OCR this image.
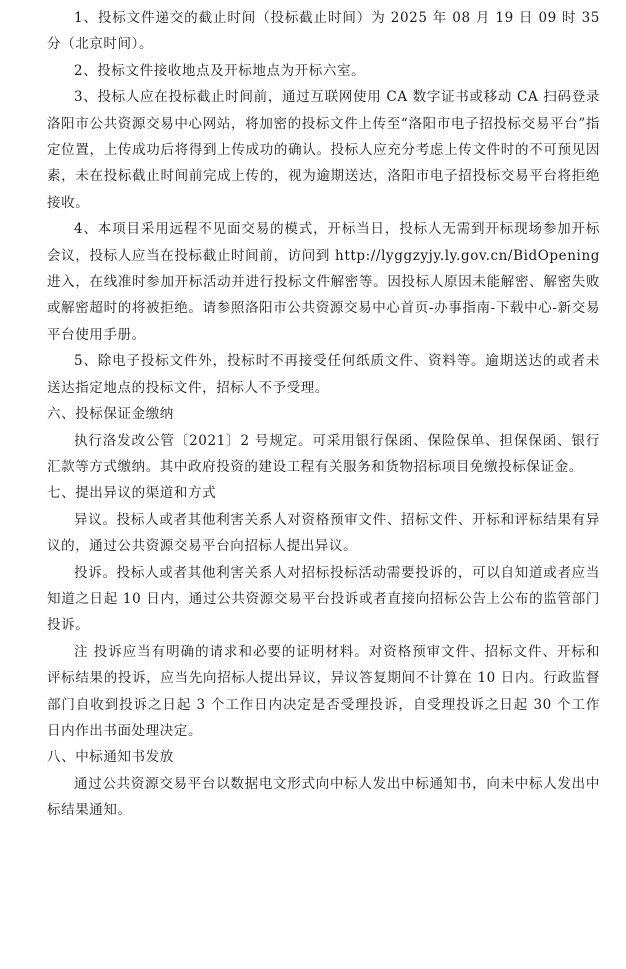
1、投标文件递交的截止时间（投标截止时间）为 2025 年 08 月 19 日 09 时 35 分（北京时间）。

2、投标文件接收地点及开标地点为开标六室。

3、投标人应在投标截止时间前，通过互联网使用 CA 数字证书或移动 CA 扫码登录洛阳市公共资源交易中心网站，将加密的投标文件上传至“洛阳市电子招投标交易平台”指定位置，上传成功后将得到上传成功的确认。投标人应充分考虑上传文件时的不可预见因素，未在投标截止时间前完成上传的，视为逾期送达，洛阳市电子招投标交易平台将拒绝接收。

4、本项目采用远程不见面交易的模式，开标当日，投标人无需到开标现场参加开标会议，投标人应当在投标截止时间前，访问到 http://lyggzyjy.ly.gov.cn/BidOpening 进入，在线准时参加开标活动并进行投标文件解密等。因投标人原因未能解密、解密失败或解密超时的将被拒绝。请参照洛阳市公共资源交易中心首页-办事指南-下载中心-新交易平台使用手册。

5、除电子投标文件外，投标时不再接受任何纸质文件、资料等。逾期送达的或者未送达指定地点的投标文件，招标人不予受理。

六、投标保证金缴纳

执行洛发改公管〔2021〕2 号规定。可采用银行保函、保险保单、担保保函、银行汇款等方式缴纳。其中政府投资的建设工程有关服务和货物招标项目免缴投标保证金。

七、提出异议的渠道和方式

异议。投标人或者其他利害关系人对资格预审文件、招标文件、开标和评标结果有异议的，通过公共资源交易平台向招标人提出异议。

投诉。投标人或者其他利害关系人对招标投标活动需要投诉的，可以自知道或者应当知道之日起 10 日内，通过公共资源交易平台投诉或者直接向招标公告上公布的监管部门投诉。

注 投诉应当有明确的请求和必要的证明材料。对资格预审文件、招标文件、开标和评标结果的投诉，应当先向招标人提出异议，异议答复期间不计算在 10 日内。行政监督部门自收到投诉之日起 3 个工作日内决定是否受理投诉，自受理投诉之日起 30 个工作日内作出书面处理决定。

八、中标通知书发放

通过公共资源交易平台以数据电文形式向中标人发出中标通知书，向未中标人发出中标结果通知。
